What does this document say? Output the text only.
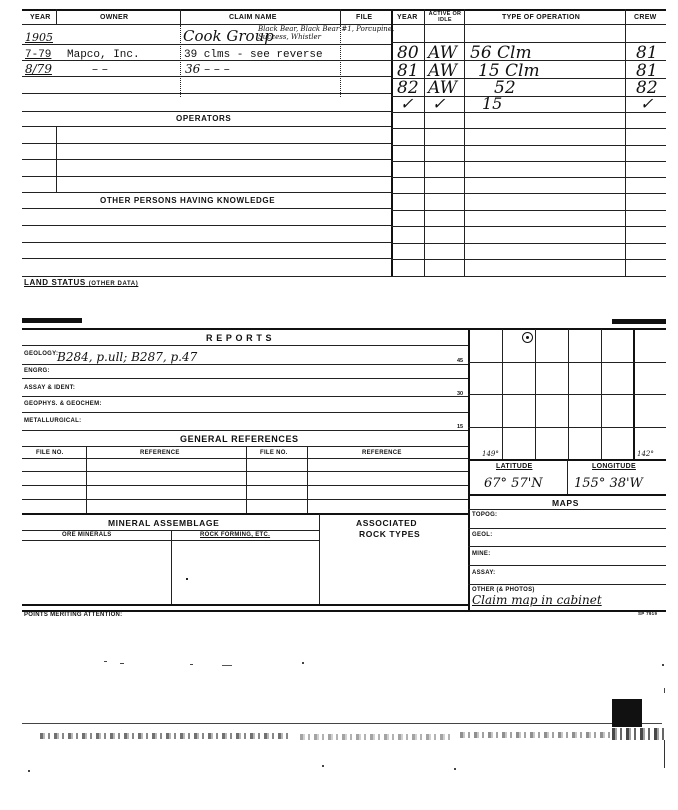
YEAR	OWNER	CLAIM NAME	FILE	YEAR	ACTIVE OR IDLE	TYPE OF OPERATION	CREW
1905	Cook Group
Black Bear, Black Bear #1, Porcupine, Success, Whistler
7-79 Mapco, Inc.	39 clms - see reverse
8/79	– –	36 – – –
80 AW 56 Clm	81
81 AW 15 Clm	81
82 AW 52	82
✓ ✓ 15	✓
OPERATORS
OTHER PERSONS HAVING KNOWLEDGE
LAND STATUS (OTHER DATA)
R E P O R T S
GEOLOGY:
B284, p.ull; B287, p.47	45
ENGRG:
ASSAY & IDENT:
30
GEOPHYS. & GEOCHEM:
METALLURGICAL:
15
GENERAL REFERENCES
FILE NO.	REFERENCE	FILE NO.	REFERENCE
MINERAL ASSEMBLAGE
ORE MINERALS	ROCK FORMING, ETC.
ASSOCIATED
ROCK TYPES
149°	142°
LATITUDE	LONGITUDE
67° 57'N 155° 38'W
MAPS
TOPOG:
GEOL:
MINE:
ASSAY:
OTHER (& PHOTOS)
Claim map in cabinet
POINTS MERITING ATTENTION:	SP 7919
